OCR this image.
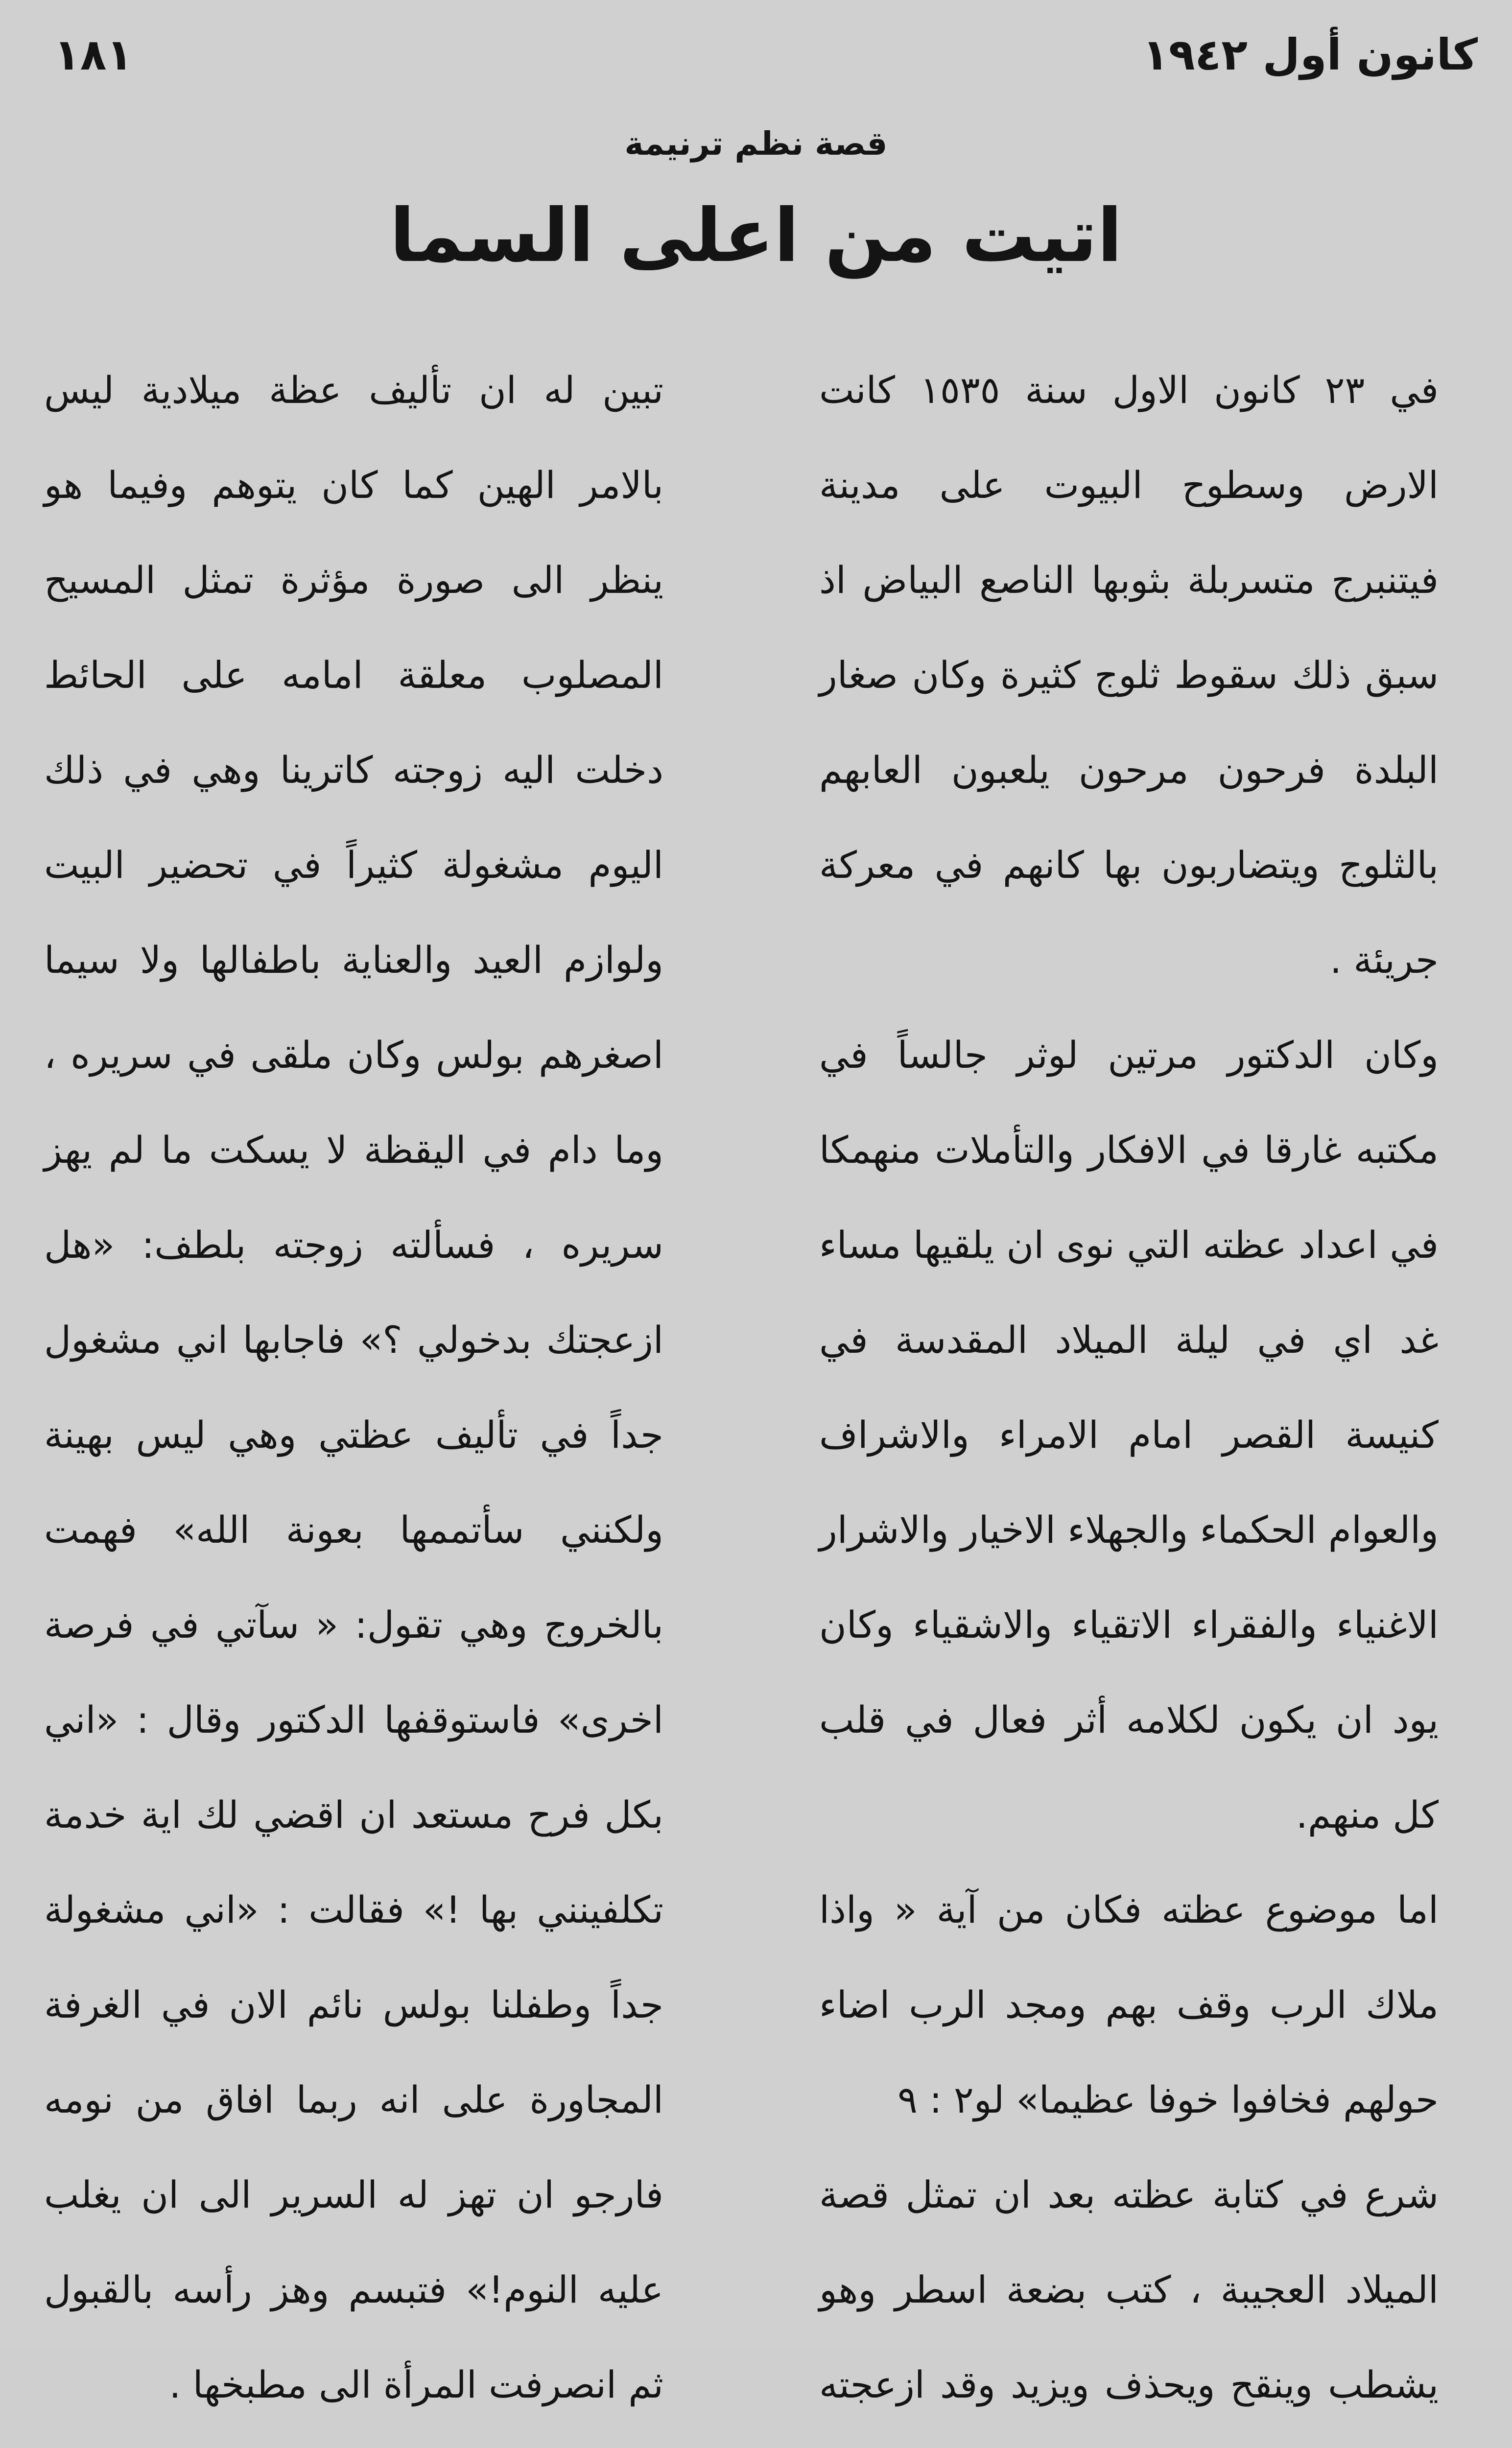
كانون أول ١٩٤٢
١٨١
قصة نظم ترنيمة
اتيت من اعلى السما

في ٢٣ كانون الاول سنة ١٥٣٥ كانت الارض وسطوح البيوت على مدينة فيتنبرج متسربلة بثوبها الناصع البياض اذ سبق ذلك سقوط ثلوج كثيرة وكان صغار البلدة فرحون مرحون يلعبون العابهم بالثلوج ويتضاربون بها كانهم في معركة جريئة .

وكان الدكتور مرتين لوثر جالساً في مكتبه غارقا في الافكار والتأملات منهمكا في اعداد عظته التي نوى ان يلقيها مساء غد اي في ليلة الميلاد المقدسة في كنيسة القصر امام الامراء والاشراف والعوام الحكماء والجهلاء الاخيار والاشرار الاغنياء والفقراء الاتقياء والاشقياء وكان يود ان يكون لكلامه أثر فعال في قلب كل منهم.

اما موضوع عظته فكان من آية « واذا ملاك الرب وقف بهم ومجد الرب اضاء حولهم فخافوا خوفا عظيما» لو٢ : ٩

شرع في كتابة عظته بعد ان تمثل قصة الميلاد العجيبة ، كتب بضعة اسطر وهو يشطب وينقح ويحذف ويزيد وقد ازعجته

تبين له ان تأليف عظة ميلادية ليس بالامر الهين كما كان يتوهم وفيما هو ينظر الى صورة مؤثرة تمثل المسيح المصلوب معلقة امامه على الحائط دخلت اليه زوجته كاترينا وهي في ذلك اليوم مشغولة كثيراً في تحضير البيت ولوازم العيد والعناية باطفالها ولا سيما اصغرهم بولس وكان ملقى في سريره ، وما دام في اليقظة لا يسكت ما لم يهز سريره ، فسألته زوجته بلطف: «هل ازعجتك بدخولي ؟» فاجابها اني مشغول جداً في تأليف عظتي وهي ليس بهينة ولكنني سأتممها بعونة الله» فهمت بالخروج وهي تقول: « سآتي في فرصة اخرى» فاستوقفها الدكتور وقال : «اني بكل فرح مستعد ان اقضي لك اية خدمة تكلفينني بها !» فقالت : «اني مشغولة جداً وطفلنا بولس نائم الان في الغرفة المجاورة على انه ربما افاق من نومه فارجو ان تهز له السرير الى ان يغلب عليه النوم!» فتبسم وهز رأسه بالقبول ثم انصرفت المرأة الى مطبخها .
